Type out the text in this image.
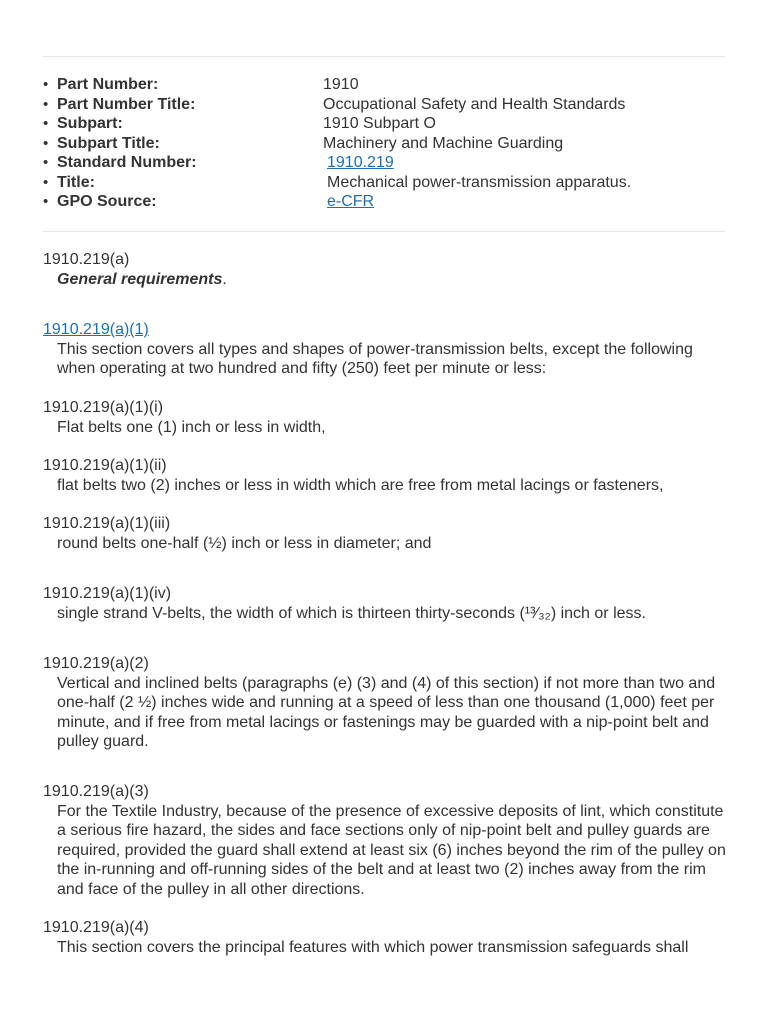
• Part Number:	1910
• Part Number Title:	Occupational Safety and Health Standards
• Subpart:	1910 Subpart O
• Subpart Title:	Machinery and Machine Guarding
• Standard Number:	1910.219
• Title:	Mechanical power-transmission apparatus.
• GPO Source:	e-CFR
1910.219(a)
General requirements.
1910.219(a)(1)
This section covers all types and shapes of power-transmission belts, except the following when operating at two hundred and fifty (250) feet per minute or less:
1910.219(a)(1)(i)
Flat belts one (1) inch or less in width,
1910.219(a)(1)(ii)
flat belts two (2) inches or less in width which are free from metal lacings or fasteners,
1910.219(a)(1)(iii)
round belts one-half (½) inch or less in diameter; and
1910.219(a)(1)(iv)
single strand V-belts, the width of which is thirteen thirty-seconds (¹³⁄₃₂) inch or less.
1910.219(a)(2)
Vertical and inclined belts (paragraphs (e) (3) and (4) of this section) if not more than two and one-half (2 ½) inches wide and running at a speed of less than one thousand (1,000) feet per minute, and if free from metal lacings or fastenings may be guarded with a nip-point belt and pulley guard.
1910.219(a)(3)
For the Textile Industry, because of the presence of excessive deposits of lint, which constitute a serious fire hazard, the sides and face sections only of nip-point belt and pulley guards are required, provided the guard shall extend at least six (6) inches beyond the rim of the pulley on the in-running and off-running sides of the belt and at least two (2) inches away from the rim and face of the pulley in all other directions.
1910.219(a)(4)
This section covers the principal features with which power transmission safeguards shall
